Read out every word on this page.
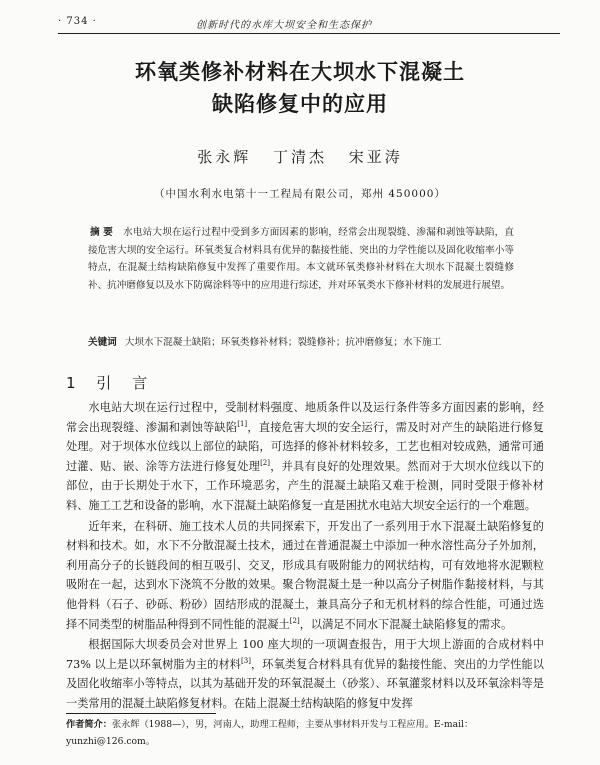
· 734 ·	创新时代的水库大坝安全和生态保护
环氧类修补材料在大坝水下混凝土
缺陷修复中的应用
张永辉 丁清杰 宋亚涛
（中国水利水电第十一工程局有限公司，郑州 450000）
摘 要 水电站大坝在运行过程中受到多方面因素的影响，经常会出现裂缝、渗漏和剥蚀等缺陷，直接危害大坝的安全运行。环氧类复合材料具有优异的黏接性能、突出的力学性能以及固化收缩率小等特点，在混凝土结构缺陷修复中发挥了重要作用。本文就环氧类修补材料在大坝水下混凝土裂缝修补、抗冲磨修复以及水下防腐涂料等中的应用进行综述，并对环氧类水下修补材料的发展进行展望。
关键词 大坝水下混凝土缺陷；环氧类修补材料；裂缝修补；抗冲磨修复；水下施工
1 引 言

水电站大坝在运行过程中，受制材料强度、地质条件以及运行条件等多方面因素的影响，经常会出现裂缝、渗漏和剥蚀等缺陷[1]，直接危害大坝的安全运行，需及时对产生的缺陷进行修复处理。对于坝体水位线以上部位的缺陷，可选择的修补材料较多，工艺也相对较成熟，通常可通过灌、贴、嵌、涂等方法进行修复处理[2]，并具有良好的处理效果。然而对于大坝水位线以下的部位，由于长期处于水下，工作环境恶劣，产生的混凝土缺陷又难于检测，同时受限于修补材料、施工工艺和设备的影响，水下混凝土缺陷修复一直是困扰水电站大坝安全运行的一个难题。

近年来，在科研、施工技术人员的共同探索下，开发出了一系列用于水下混凝土缺陷修复的材料和技术。如，水下不分散混凝土技术，通过在普通混凝土中添加一种水溶性高分子外加剂，利用高分子的长链段间的相互吸引、交叉，形成具有吸附能力的网状结构，可有效地将水泥颗粒吸附在一起，达到水下浇筑不分散的效果。聚合物混凝土是一种以高分子树脂作黏接材料，与其他骨料（石子、砂砾、粉砂）固结形成的混凝土，兼具高分子和无机材料的综合性能，可通过选择不同类型的树脂品种得到不同性能的混凝土[2]，以满足不同水下混凝土缺陷修复的需求。

根据国际大坝委员会对世界上 100 座大坝的一项调查报告，用于大坝上游面的合成材料中 73% 以上是以环氧树脂为主的材料[3]，环氧类复合材料具有优异的黏接性能、突出的力学性能以及固化收缩率小等特点，以其为基础开发的环氧混凝土（砂浆）、环氧灌浆材料以及环氧涂料等是一类常用的混凝土缺陷修复材料。在陆上混凝土结构缺陷的修复中发挥

作者简介：张永辉（1988—），男，河南人，助理工程师，主要从事材料开发与工程应用。E-mail：yunzhi@126.com。
